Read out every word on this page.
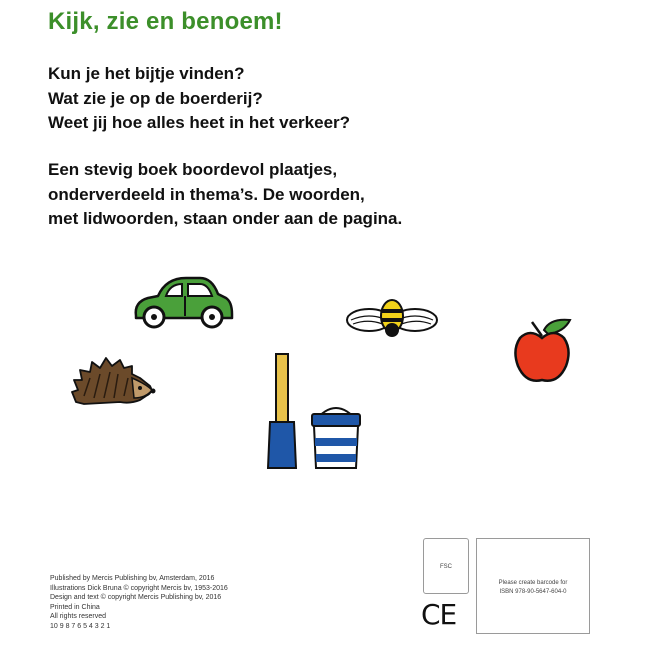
Kijk, zie en benoem!
Kun je het bijtje vinden?
Wat zie je op de boerderij?
Weet jij hoe alles heet in het verkeer?
Een stevig boek boordevol plaatjes,
onderverdeeld in thema’s. De woorden,
met lidwoorden, staan onder aan de pagina.
Published by Mercis Publishing bv, Amsterdam, 2016
Illustrations Dick Bruna © copyright Mercis bv, 1953-2016
Design and text © copyright Mercis Publishing bv, 2016
Printed in China
All rights reserved
10 9 8 7 6 5 4 3 2 1
FSC
CE
Please create barcode for
ISBN 978-90-5647-604-0
